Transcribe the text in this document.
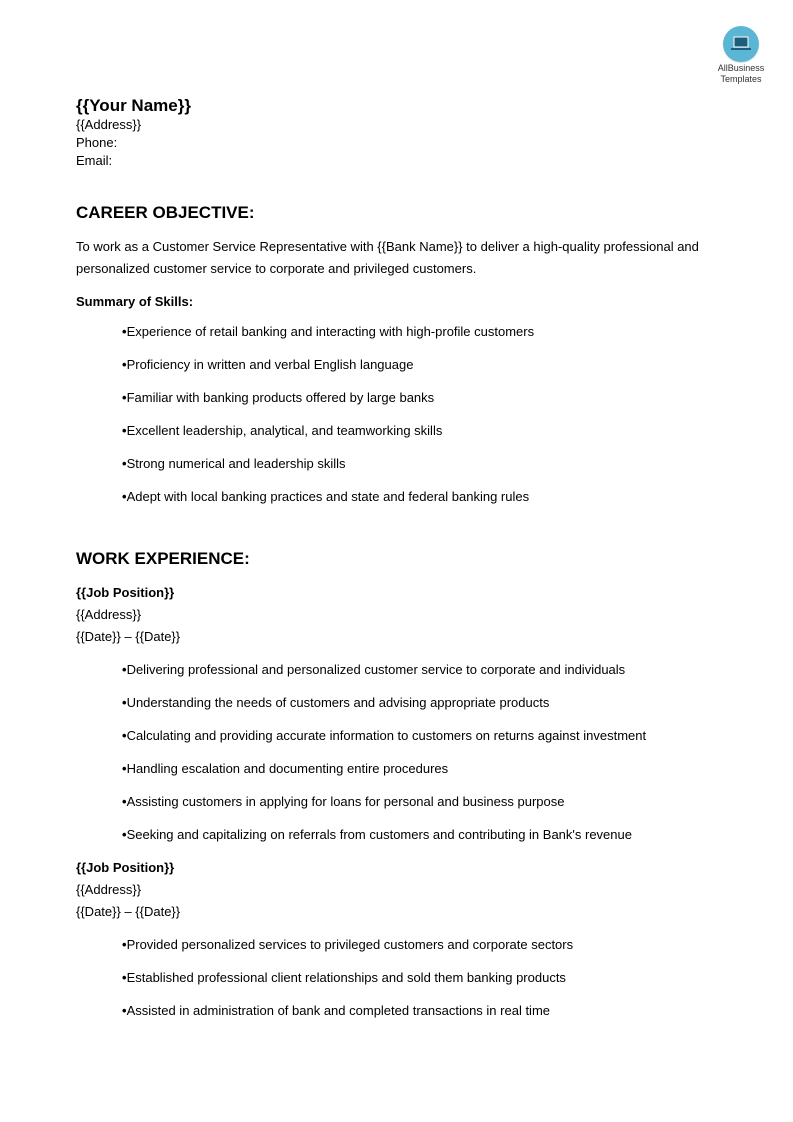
AllBusiness
Templates
{{Your Name}}
{{Address}}
Phone:
Email:
CAREER OBJECTIVE:
To work as a Customer Service Representative with {{Bank Name}} to deliver a high-quality professional and
personalized customer service to corporate and privileged customers.
Summary of Skills:
•Experience of retail banking and interacting with high-profile customers
•Proficiency in written and verbal English language
•Familiar with banking products offered by large banks
•Excellent leadership, analytical, and teamworking skills
•Strong numerical and leadership skills
•Adept with local banking practices and state and federal banking rules
WORK EXPERIENCE:
{{Job Position}}
{{Address}}
{{Date}} – {{Date}}
•Delivering professional and personalized customer service to corporate and individuals
•Understanding the needs of customers and advising appropriate products
•Calculating and providing accurate information to customers on returns against investment
•Handling escalation and documenting entire procedures
•Assisting customers in applying for loans for personal and business purpose
•Seeking and capitalizing on referrals from customers and contributing in Bank's revenue
{{Job Position}}
{{Address}}
{{Date}} – {{Date}}
•Provided personalized services to privileged customers and corporate sectors
•Established professional client relationships and sold them banking products
•Assisted in administration of bank and completed transactions in real time
